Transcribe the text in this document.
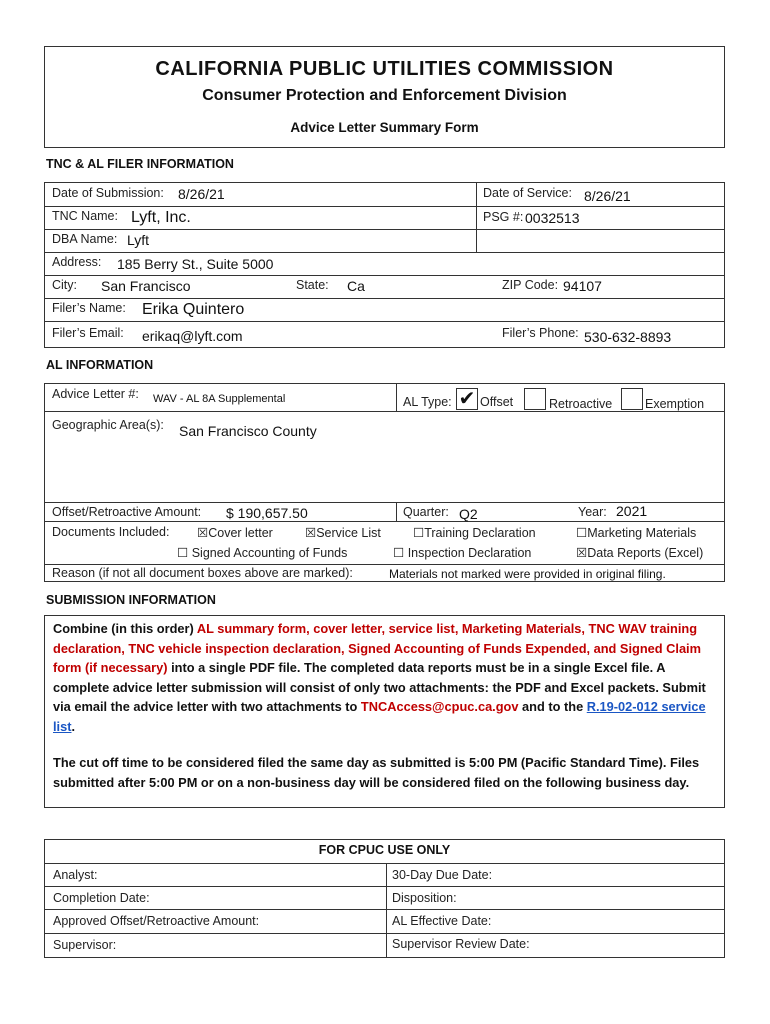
CALIFORNIA PUBLIC UTILITIES COMMISSION
Consumer Protection and Enforcement Division
Advice Letter Summary Form
TNC & AL FILER INFORMATION
Date of Submission: 8/26/21	Date of Service: 8/26/21
TNC Name: Lyft, Inc.	PSG #: 0032513
DBA Name: Lyft
Address: 185 Berry St., Suite 5000
City: San Francisco	State: Ca	ZIP Code: 94107
Filer’s Name: Erika Quintero
Filer’s Email: erikaq@lyft.com	Filer’s Phone: 530-632-8893
AL INFORMATION
Advice Letter #: WAV - AL 8A Supplemental	AL Type: ✔ Offset	Retroactive	Exemption
Geographic Area(s): San Francisco County
Offset/Retroactive Amount: $ 190,657.50	Quarter: Q2	Year: 2021
Documents Included: ☒Cover letter	☒Service List	☐Training Declaration	☐Marketing Materials
☐ Signed Accounting of Funds	☐ Inspection Declaration	☒Data Reports (Excel)
Reason (if not all document boxes above are marked):	Materials not marked were provided in original filing.
SUBMISSION INFORMATION
Combine (in this order) AL summary form, cover letter, service list, Marketing Materials, TNC WAV training declaration, TNC vehicle inspection declaration, Signed Accounting of Funds Expended, and Signed Claim form (if necessary) into a single PDF file. The completed data reports must be in a single Excel file. A complete advice letter submission will consist of only two attachments: the PDF and Excel packets. Submit via email the advice letter with two attachments to TNCAccess@cpuc.ca.gov and to the R.19-02-012 service list.
The cut off time to be considered filed the same day as submitted is 5:00 PM (Pacific Standard Time). Files submitted after 5:00 PM or on a non-business day will be considered filed on the following business day.
FOR CPUC USE ONLY
Analyst:	30-Day Due Date:
Completion Date:	Disposition:
Approved Offset/Retroactive Amount:	AL Effective Date:
Supervisor:	Supervisor Review Date:
